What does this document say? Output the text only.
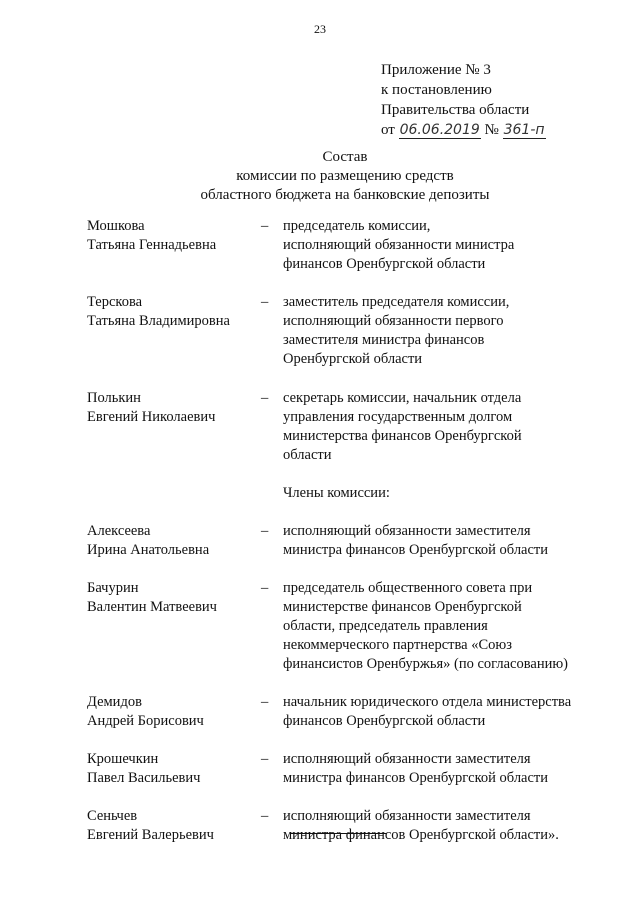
23
Приложение № 3
к постановлению
Правительства области
от 06.06.2019 № 361-п
Состав
комиссии по размещению средств
областного бюджета на банковские депозиты
Мошкова
Татьяна Геннадьевна
– председатель комиссии,
исполняющий обязанности министра
финансов Оренбургской области
Терскова
Татьяна Владимировна
– заместитель председателя комиссии,
исполняющий обязанности первого
заместителя министра финансов
Оренбургской области
Полькин
Евгений Николаевич
– секретарь комиссии, начальник отдела
управления государственным долгом
министерства финансов Оренбургской
области
Члены комиссии:
Алексеева
Ирина Анатольевна
– исполняющий обязанности заместителя
министра финансов Оренбургской области
Бачурин
Валентин Матвеевич
– председатель общественного совета при
министерстве финансов Оренбургской
области, председатель правления
некоммерческого партнерства «Союз
финансистов Оренбуржья» (по согласованию)
Демидов
Андрей Борисович
– начальник юридического отдела министерства
финансов Оренбургской области
Крошечкин
Павел Васильевич
– исполняющий обязанности заместителя
министра финансов Оренбургской области
Сеньчев
Евгений Валерьевич
– исполняющий обязанности заместителя
министра финансов Оренбургской области».
